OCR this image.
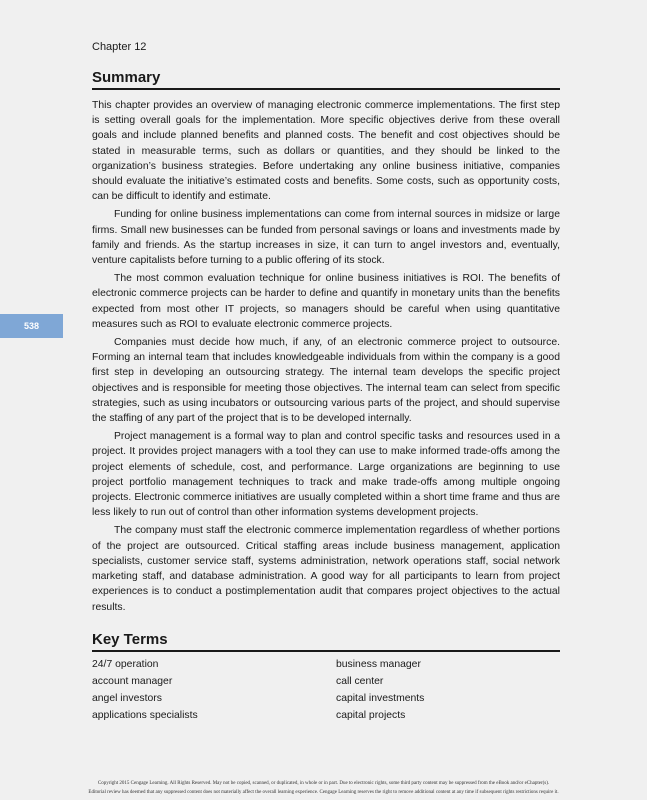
Chapter 12
Summary

This chapter provides an overview of managing electronic commerce implementations. The first step is setting overall goals for the implementation. More specific objectives derive from these overall goals and include planned benefits and planned costs. The benefit and cost objectives should be stated in measurable terms, such as dollars or quantities, and they should be linked to the organization’s business strategies. Before undertaking any online business initiative, companies should evaluate the initiative’s estimated costs and benefits. Some costs, such as opportunity costs, can be difficult to identify and estimate.

Funding for online business implementations can come from internal sources in midsize or large firms. Small new businesses can be funded from personal savings or loans and investments made by family and friends. As the startup increases in size, it can turn to angel investors and, eventually, venture capitalists before turning to a public offering of its stock.

The most common evaluation technique for online business initiatives is ROI. The benefits of electronic commerce projects can be harder to define and quantify in monetary units than the benefits expected from most other IT projects, so managers should be careful when using quantitative measures such as ROI to evaluate electronic commerce projects.

Companies must decide how much, if any, of an electronic commerce project to outsource. Forming an internal team that includes knowledgeable individuals from within the company is a good first step in developing an outsourcing strategy. The internal team develops the specific project objectives and is responsible for meeting those objectives. The internal team can select from specific strategies, such as using incubators or outsourcing various parts of the project, and should supervise the staffing of any part of the project that is to be developed internally.

Project management is a formal way to plan and control specific tasks and resources used in a project. It provides project managers with a tool they can use to make informed trade-offs among the project elements of schedule, cost, and performance. Large organizations are beginning to use project portfolio management techniques to track and make trade-offs among multiple ongoing projects. Electronic commerce initiatives are usually completed within a short time frame and thus are less likely to run out of control than other information systems development projects.

The company must staff the electronic commerce implementation regardless of whether portions of the project are outsourced. Critical staffing areas include business management, application specialists, customer service staff, systems administration, network operations staff, social network marketing staff, and database administration. A good way for all participants to learn from project experiences is to conduct a postimplementation audit that compares project objectives to the actual results.

538
Key Terms
24/7 operation	business manager
account manager	call center
angel investors	capital investments
applications specialists	capital projects
Copyright 2015 Cengage Learning. All Rights Reserved. May not be copied, scanned, or duplicated, in whole or in part. Due to electronic rights, some third party content may be suppressed from the eBook and/or eChapter(s).
Editorial review has deemed that any suppressed content does not materially affect the overall learning experience. Cengage Learning reserves the right to remove additional content at any time if subsequent rights restrictions require it.
